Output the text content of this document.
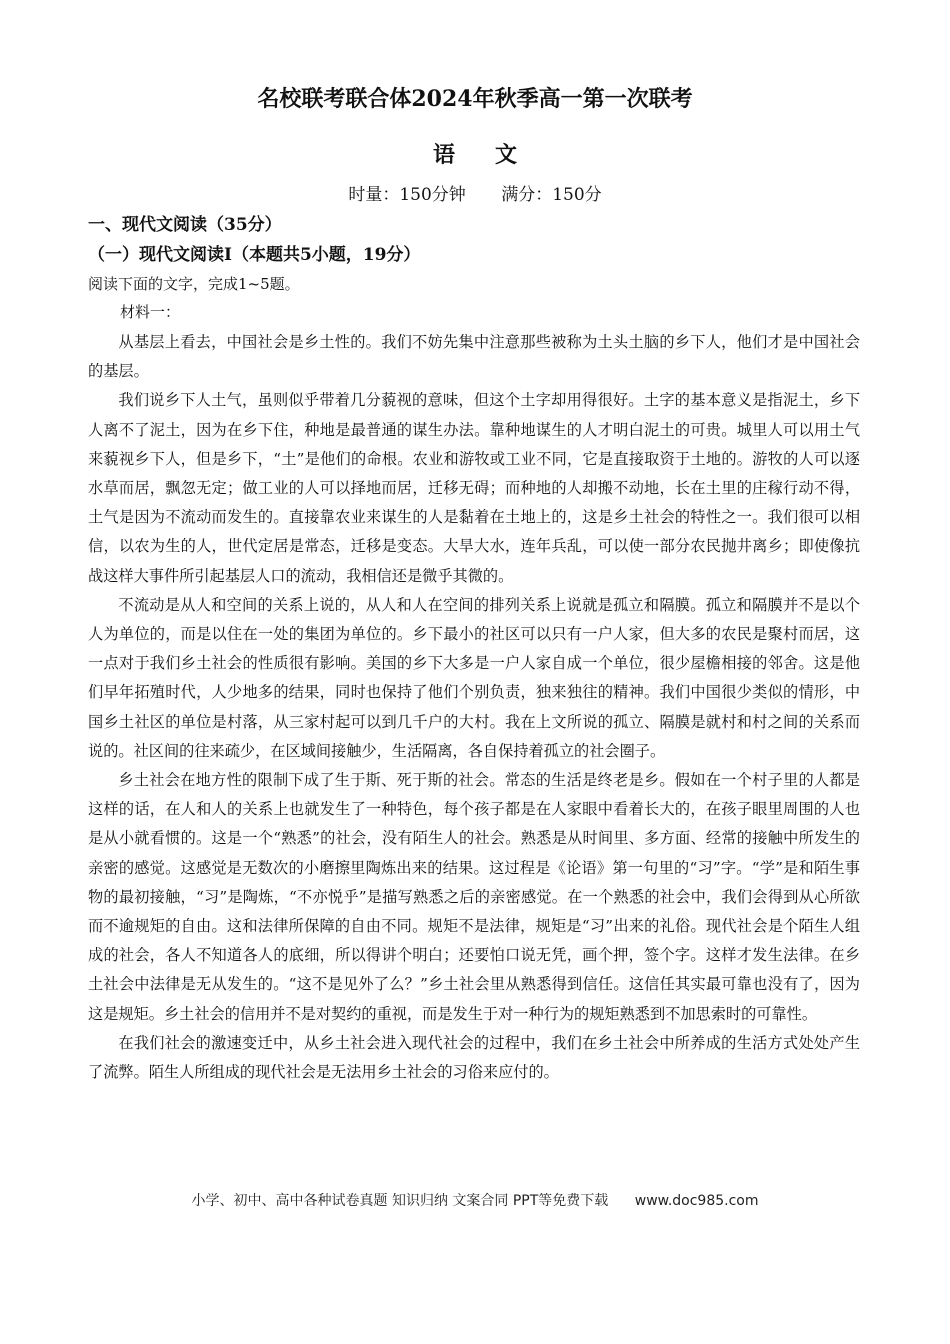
名校联考联合体2024年秋季高一第一次联考
语文
时量：150分钟 满分：150分
一、现代文阅读（35分）
（一）现代文阅读Ⅰ（本题共5小题，19分）
阅读下面的文字，完成1~5题。
材料一：

从基层上看去，中国社会是乡土性的。我们不妨先集中注意那些被称为土头土脑的乡下人，他们才是中国社会的基层。

我们说乡下人土气，虽则似乎带着几分藐视的意味，但这个土字却用得很好。土字的基本意义是指泥土，乡下人离不了泥土，因为在乡下住，种地是最普通的谋生办法。靠种地谋生的人才明白泥土的可贵。城里人可以用土气来藐视乡下人，但是乡下，“土”是他们的命根。农业和游牧或工业不同，它是直接取资于土地的。游牧的人可以逐水草而居，飘忽无定；做工业的人可以择地而居，迁移无碍；而种地的人却搬不动地，长在土里的庄稼行动不得，土气是因为不流动而发生的。直接靠农业来谋生的人是黏着在土地上的，这是乡土社会的特性之一。我们很可以相信，以农为生的人，世代定居是常态，迁移是变态。大旱大水，连年兵乱，可以使一部分农民抛井离乡；即使像抗战这样大事件所引起基层人口的流动，我相信还是微乎其微的。

不流动是从人和空间的关系上说的，从人和人在空间的排列关系上说就是孤立和隔膜。孤立和隔膜并不是以个人为单位的，而是以住在一处的集团为单位的。乡下最小的社区可以只有一户人家，但大多的农民是聚村而居，这一点对于我们乡土社会的性质很有影响。美国的乡下大多是一户人家自成一个单位，很少屋檐相接的邻舍。这是他们早年拓殖时代，人少地多的结果，同时也保持了他们个别负责，独来独往的精神。我们中国很少类似的情形，中国乡土社区的单位是村落，从三家村起可以到几千户的大村。我在上文所说的孤立、隔膜是就村和村之间的关系而说的。社区间的往来疏少，在区域间接触少，生活隔离，各自保持着孤立的社会圈子。

乡土社会在地方性的限制下成了生于斯、死于斯的社会。常态的生活是终老是乡。假如在一个村子里的人都是这样的话，在人和人的关系上也就发生了一种特色，每个孩子都是在人家眼中看着长大的，在孩子眼里周围的人也是从小就看惯的。这是一个“熟悉”的社会，没有陌生人的社会。熟悉是从时间里、多方面、经常的接触中所发生的亲密的感觉。这感觉是无数次的小磨擦里陶炼出来的结果。这过程是《论语》第一句里的“习”字。“学”是和陌生事物的最初接触，“习”是陶炼，“不亦悦乎”是描写熟悉之后的亲密感觉。在一个熟悉的社会中，我们会得到从心所欲而不逾规矩的自由。这和法律所保障的自由不同。规矩不是法律，规矩是“习”出来的礼俗。现代社会是个陌生人组成的社会，各人不知道各人的底细，所以得讲个明白；还要怕口说无凭，画个押，签个字。这样才发生法律。在乡土社会中法律是无从发生的。“这不是见外了么？”乡土社会里从熟悉得到信任。这信任其实最可靠也没有了，因为这是规矩。乡土社会的信用并不是对契约的重视，而是发生于对一种行为的规矩熟悉到不加思索时的可靠性。

在我们社会的激速变迁中，从乡土社会进入现代社会的过程中，我们在乡土社会中所养成的生活方式处处产生了流弊。陌生人所组成的现代社会是无法用乡土社会的习俗来应付的。

小学、初中、高中各种试卷真题 知识归纳 文案合同 PPT等免费下载 www.doc985.com
